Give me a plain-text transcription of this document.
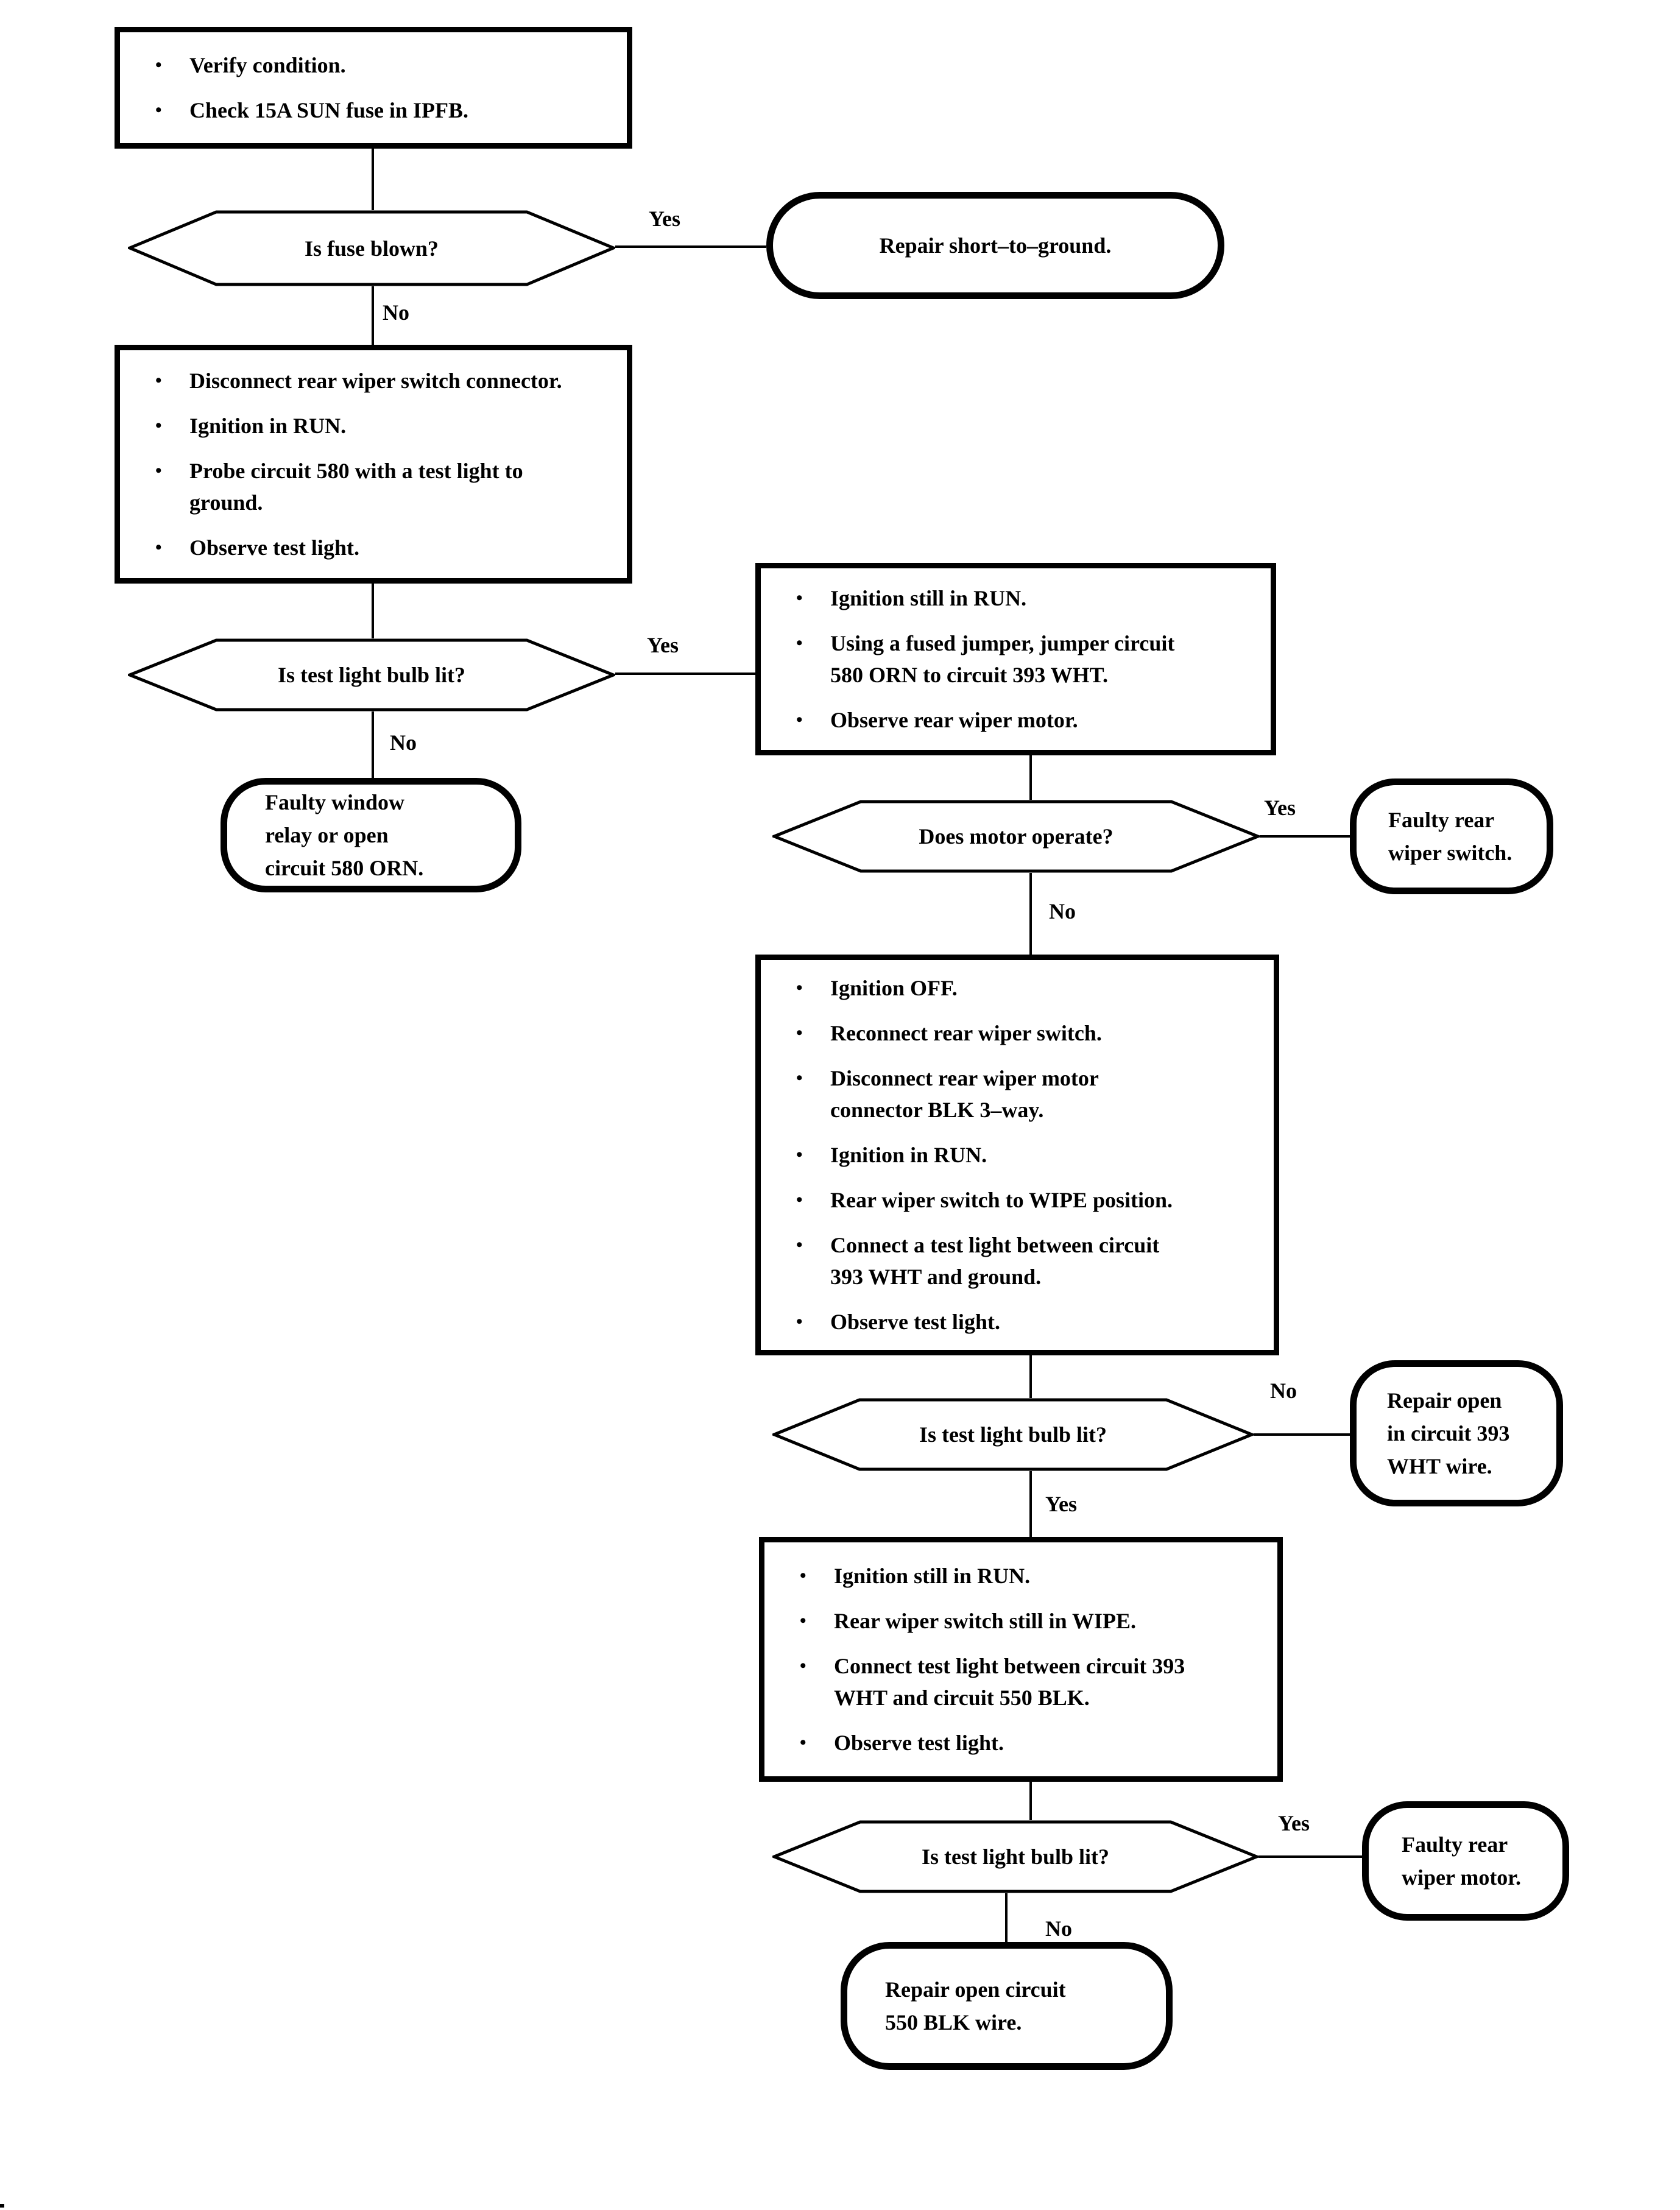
•	Verify condition.
•	Check 15A SUN fuse in IPFB.
Is fuse blown?
Yes
Repair short–to–ground.
No
•	Disconnect rear wiper switch connector.
•	Ignition in RUN.
•	Probe circuit 580 with a test light to
ground.
•	Observe test light.
Is test light bulb lit?
Yes
No
Faulty window
relay or open
circuit 580 ORN.
•	Ignition still in RUN.
•	Using a fused jumper, jumper circuit
580 ORN to circuit 393 WHT.
•	Observe rear wiper motor.
Does motor operate?
Yes	Faulty rear
wiper switch.
No
•	Ignition OFF.
•	Reconnect rear wiper switch.
•	Disconnect rear wiper motor
connector BLK 3–way.
•	Ignition in RUN.
•	Rear wiper switch to WIPE position.
•	Connect a test light between circuit
393 WHT and ground.
•	Observe test light.
Is test light bulb lit?
No	Repair open
in circuit 393
WHT wire.
Yes
•	Ignition still in RUN.
•	Rear wiper switch still in WIPE.
•	Connect test light between circuit 393
WHT and circuit 550 BLK.
•	Observe test light.
Is test light bulb lit?
Yes
Faulty rear
wiper motor.
No
Repair open circuit
550 BLK wire.
